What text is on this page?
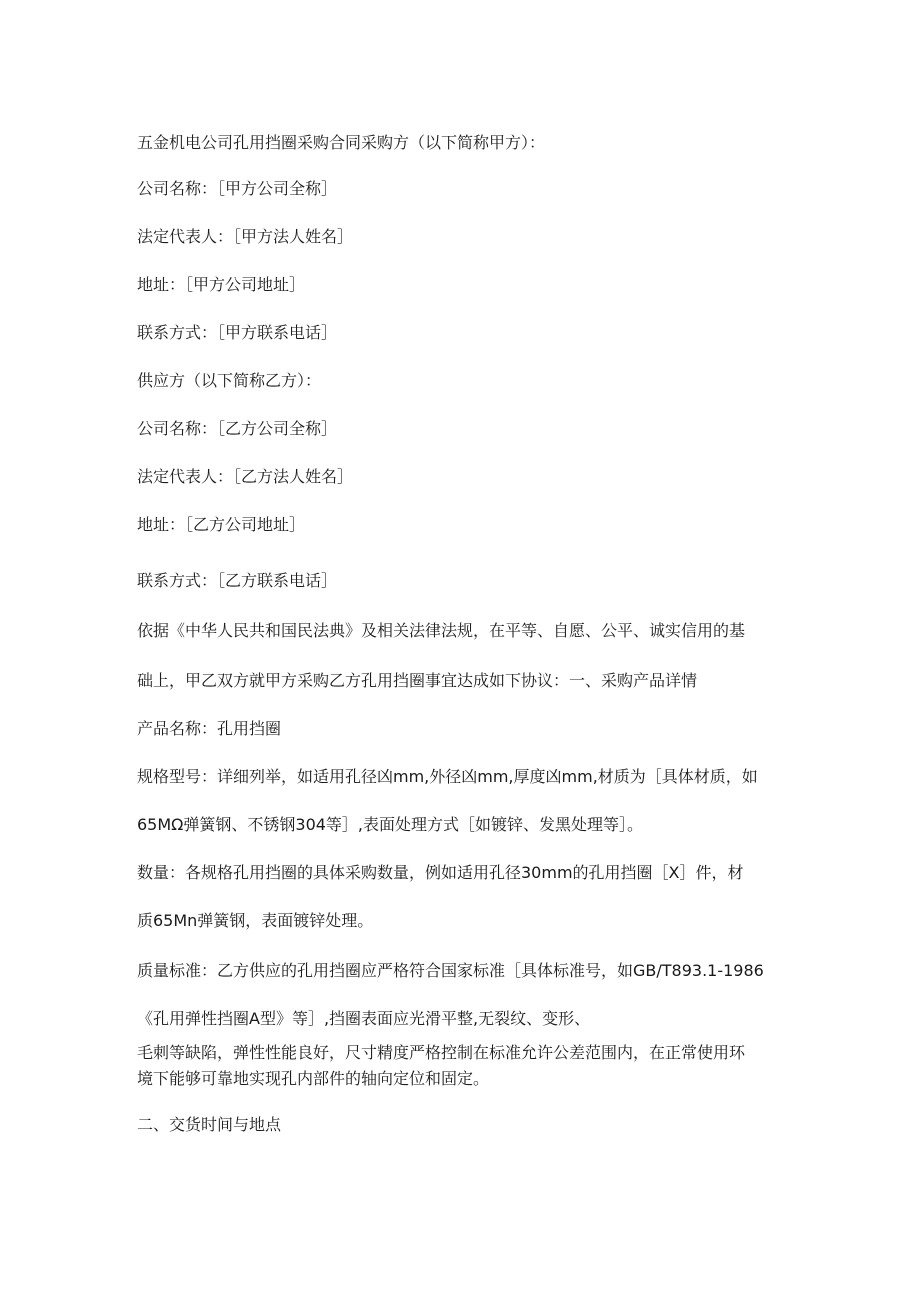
五金机电公司孔用挡圈采购合同采购方（以下简称甲方）：

公司名称：［甲方公司全称］

法定代表人：［甲方法人姓名］

地址：［甲方公司地址］

联系方式：［甲方联系电话］

供应方（以下简称乙方）：

公司名称：［乙方公司全称］

法定代表人：［乙方法人姓名］

地址：［乙方公司地址］

联系方式：［乙方联系电话］

依据《中华人民共和国民法典》及相关法律法规，在平等、自愿、公平、诚实信用的基

础上，甲乙双方就甲方采购乙方孔用挡圈事宜达成如下协议：一、采购产品详情

产品名称：孔用挡圈

规格型号：详细列举，如适用孔径凶mm,外径凶mm,厚度凶mm,材质为［具体材质，如

65MΩ弹簧钢、不锈钢304等］,表面处理方式［如镀锌、发黑处理等］。

数量：各规格孔用挡圈的具体采购数量，例如适用孔径30mm的孔用挡圈［X］件，材

质65Mn弹簧钢，表面镀锌处理。

质量标准：乙方供应的孔用挡圈应严格符合国家标准［具体标准号，如GB/T893.1-1986

《孔用弹性挡圈A型》等］,挡圈表面应光滑平整,无裂纹、变形、

毛刺等缺陷，弹性性能良好，尺寸精度严格控制在标准允许公差范围内，在正常使用环

境下能够可靠地实现孔内部件的轴向定位和固定。

二、交货时间与地点
